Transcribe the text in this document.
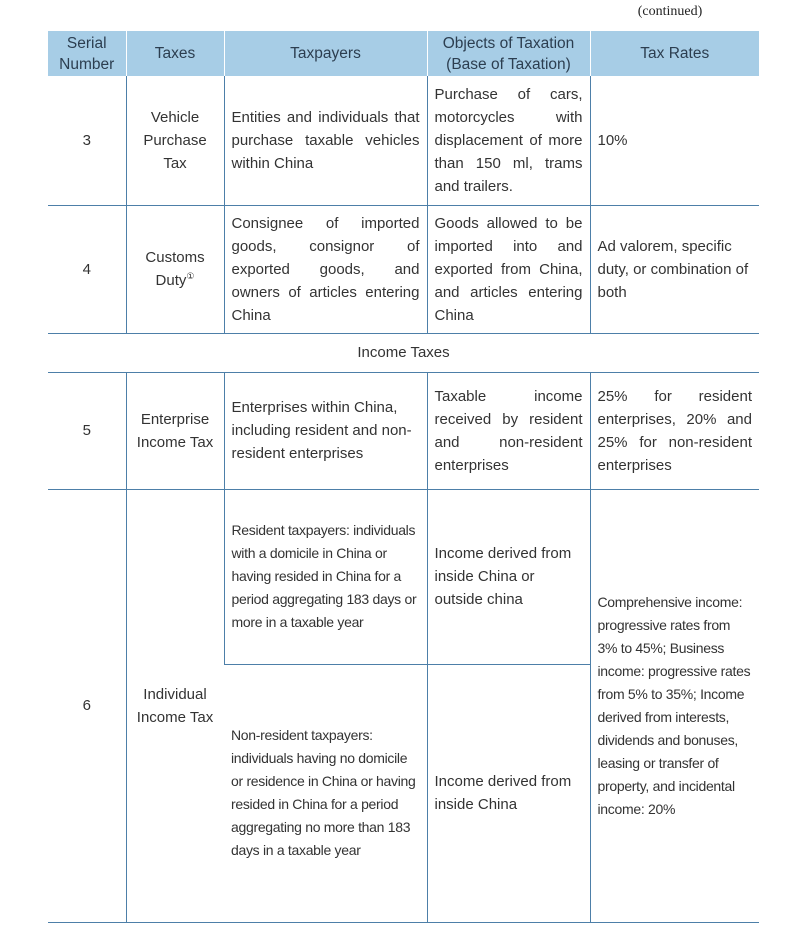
(continued)
Serial Number	Taxes	Taxpayers	Objects of Taxation (Base of Taxation)	Tax Rates
3	Vehicle Purchase Tax	Entities and individuals that purchase taxable vehicles within China	Purchase of cars, motorcycles with displacement of more than 150 ml, trams and trailers.	10%
4	Customs Duty①	Consignee of imported goods, consignor of exported goods, and owners of articles entering China	Goods allowed to be imported into and exported from China, and articles entering China	Ad valorem, specific duty, or combination of both
Income Taxes				
5	Enterprise Income Tax	Enterprises within China, including resident and non-resident enterprises	Taxable income received by resident and non-resident enterprises	25% for resident enterprises, 20% and 25% for non-resident enterprises
6	Individual Income Tax	Resident taxpayers: individuals with a domicile in China or having resided in China for a period aggregating 183 days or more in a taxable year	Income derived from inside China or outside china	Comprehensive income: progressive rates from 3% to 45%; Business income: progressive rates from 5% to 35%; Income derived from interests, dividends and bonuses, leasing or transfer of property, and incidental income: 20%
		Non-resident taxpayers: individuals having no domicile or residence in China or having resided in China for a period aggregating no more than 183 days in a taxable year	Income derived from inside China	
